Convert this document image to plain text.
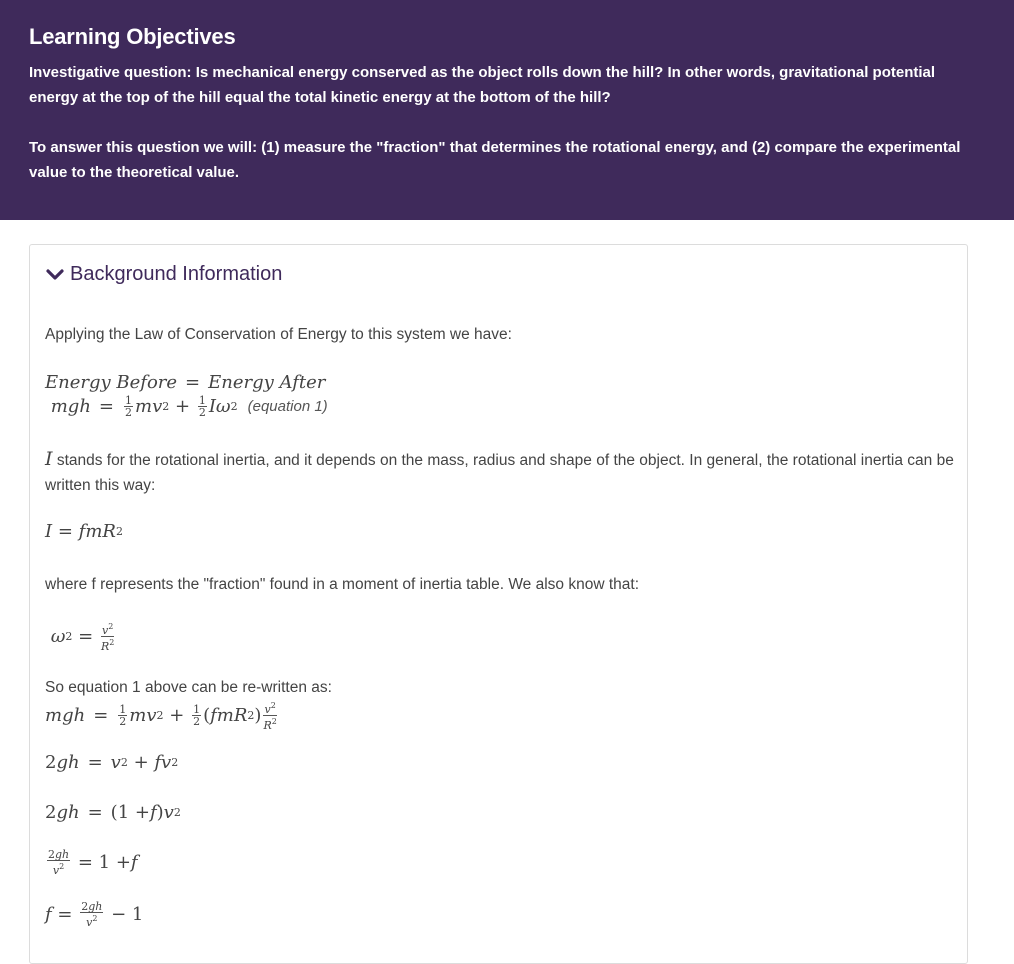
Learning Objectives

Investigative question: Is mechanical energy conserved as the object rolls down the hill? In other words, gravitational potential energy at the top of the hill equal the total kinetic energy at the bottom of the hill?

To answer this question we will: (1) measure the "fraction" that determines the rotational energy, and (2) compare the experimental value to the theoretical value.

Background Information
Applying the Law of Conservation of Energy to this system we have:
Energy Before = Energy After
mgh = $\frac{1}{2}$ mv 2
+
$\frac{1}{2}$ Iω 2 (equation 1)
I stands for the rotational inertia, and it depends on the mass, radius and shape of the object. In general, the rotational inertia can be written this way:
I = fmR 2
where f represents the "fraction" found in a moment of inertia table. We also know that:
ω $2 = \frac{v^2}{R^2}$
So equation 1 above can be re-written as:
mgh = $\frac{1}{2}$ mv 2
+
$\frac{1}{2}$ ( fmR 2 ) $\frac{v^2}{R^2}$
2 gh = v 2
+ fv 2
2 gh = (1 + f ) v 2
$\frac{2gh}{v^2} = 1 + f$
$f = \frac{2gh}{v^2} - 1$
